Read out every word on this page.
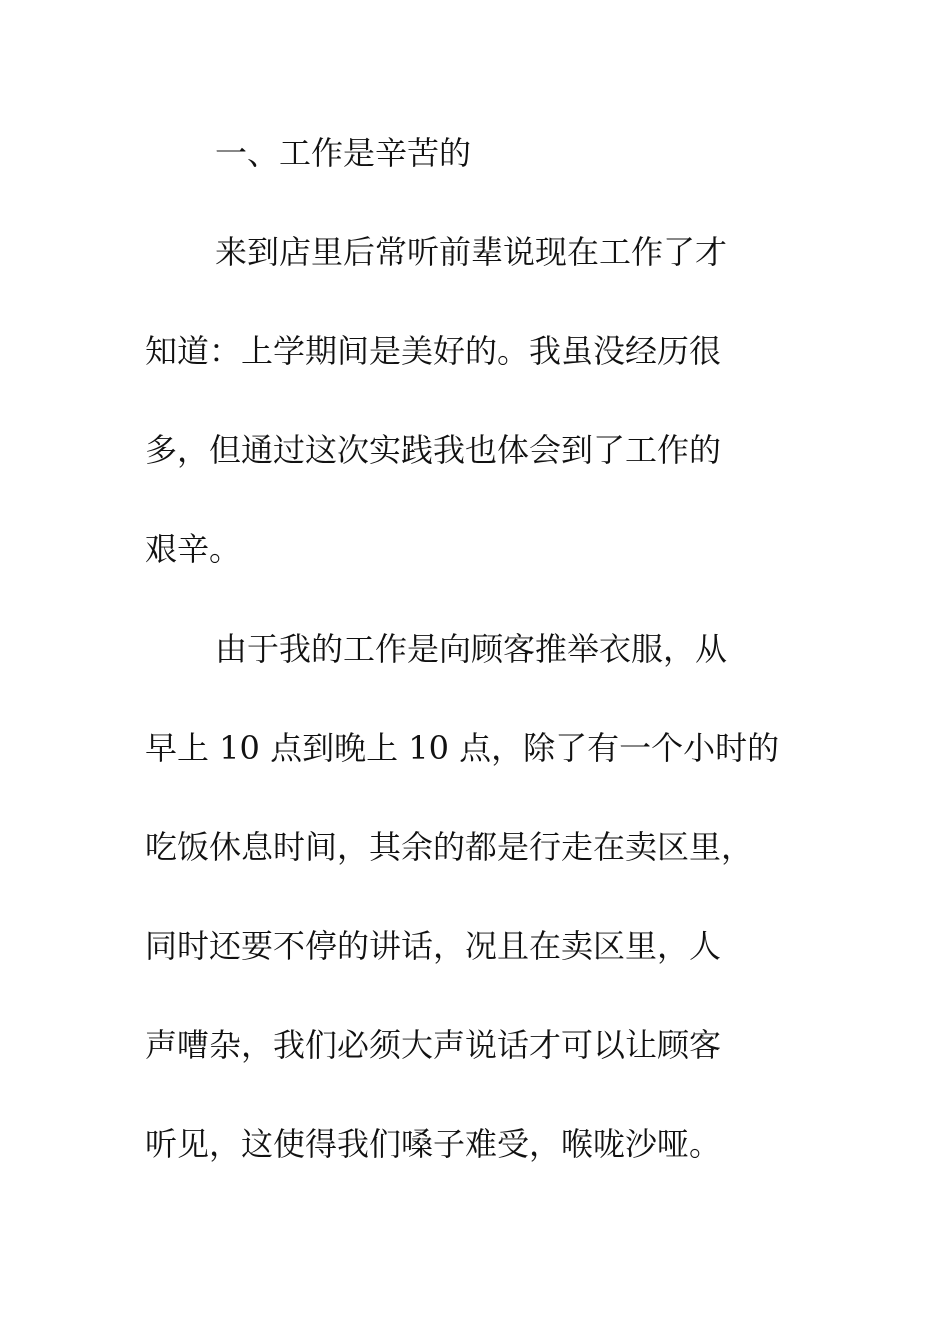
一、工作是辛苦的
来到店里后常听前辈说现在工作了才
知道：上学期间是美好的。我虽没经历很
多，但通过这次实践我也体会到了工作的
艰辛。
由于我的工作是向顾客推举衣服，从
早上 10 点到晚上 10 点，除了有一个小时的
吃饭休息时间，其余的都是行走在卖区里，
同时还要不停的讲话，况且在卖区里，人
声嘈杂，我们必须大声说话才可以让顾客
听见，这使得我们嗓子难受，喉咙沙哑。
